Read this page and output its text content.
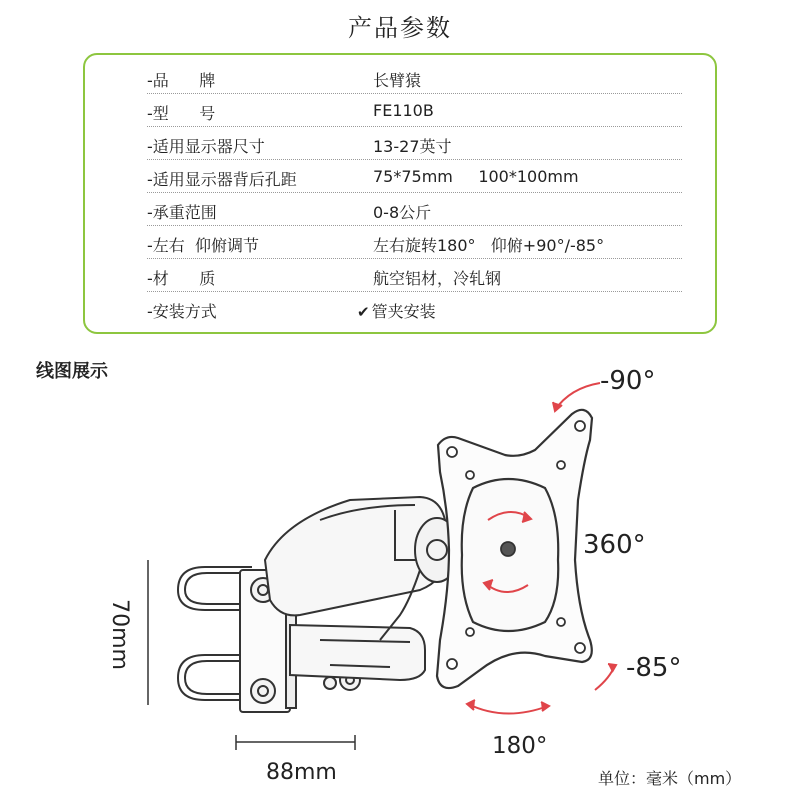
产品参数
-品      牌	长臂猿
-型      号	FE110B
-适用显示器尺寸	13-27英寸
-适用显示器背后孔距	75*75mm     100*100mm
-承重范围	0-8公斤
-左右  仰俯调节	左右旋转180°   仰俯+90°/-85°
-材      质	航空铝材，冷轧钢
-安装方式	✔ 管夹安装
线图展示	-90°
360°
-85°
180°
70mm
88mm	单位：毫米（mm）
